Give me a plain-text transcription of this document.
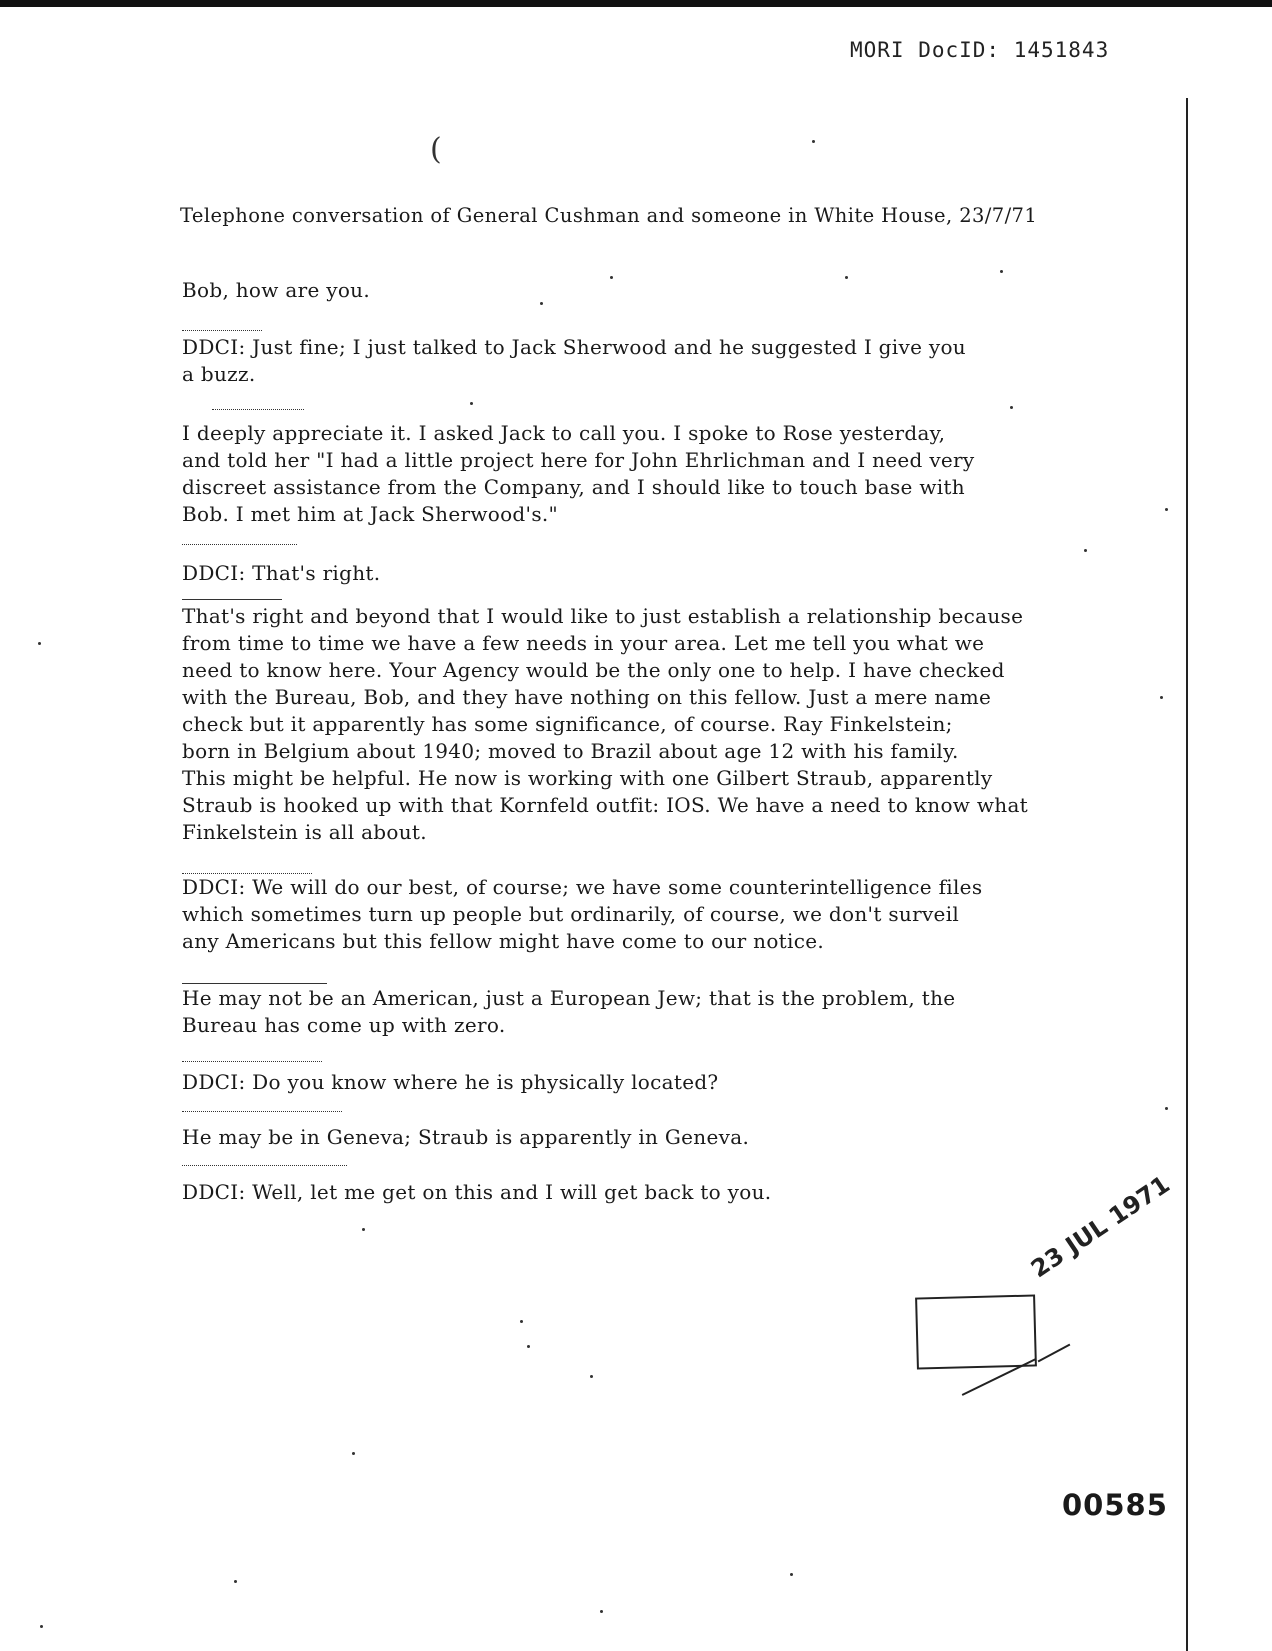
MORI DocID: 1451843
(
Telephone conversation of General Cushman and someone in White House, 23/7/71

Bob, how are you.

DDCI: Just fine; I just talked to Jack Sherwood and he suggested I give you
a buzz.

I deeply appreciate it. I asked Jack to call you. I spoke to Rose yesterday,
and told her "I had a little project here for John Ehrlichman and I need very
discreet assistance from the Company, and I should like to touch base with
Bob. I met him at Jack Sherwood's."

DDCI: That's right.

That's right and beyond that I would like to just establish a relationship because
from time to time we have a few needs in your area. Let me tell you what we
need to know here. Your Agency would be the only one to help. I have checked
with the Bureau, Bob, and they have nothing on this fellow. Just a mere name
check but it apparently has some significance, of course. Ray Finkelstein;
born in Belgium about 1940; moved to Brazil about age 12 with his family.
This might be helpful. He now is working with one Gilbert Straub, apparently
Straub is hooked up with that Kornfeld outfit: IOS. We have a need to know what
Finkelstein is all about.

DDCI: We will do our best, of course; we have some counterintelligence files
which sometimes turn up people but ordinarily, of course, we don't surveil
any Americans but this fellow might have come to our notice.

He may not be an American, just a European Jew; that is the problem, the
Bureau has come up with zero.

DDCI: Do you know where he is physically located?

He may be in Geneva; Straub is apparently in Geneva.

DDCI: Well, let me get on this and I will get back to you.	23 JUL 1971
00585
